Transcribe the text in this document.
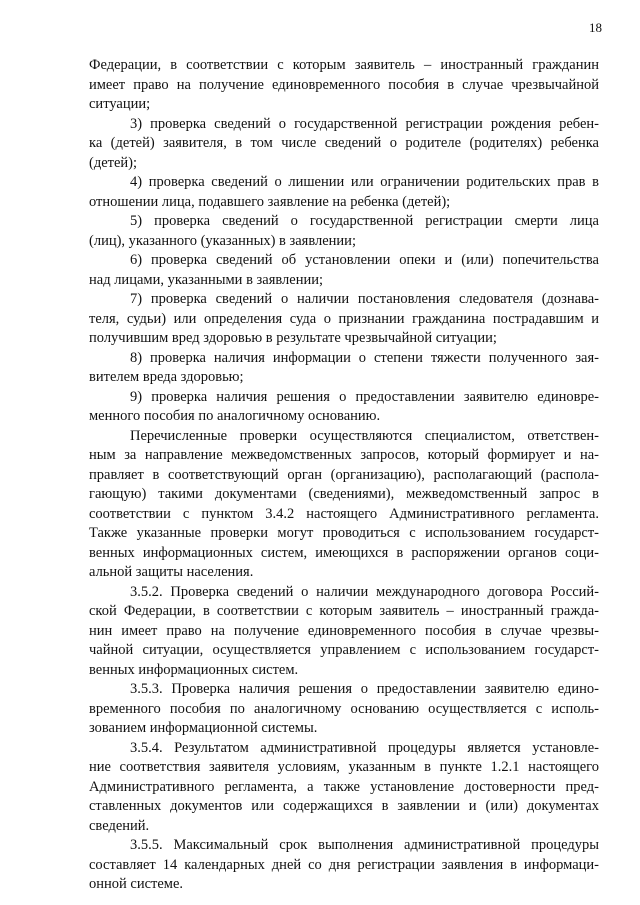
18

Федерации, в соответствии с которым заявитель – иностранный гражданин
имеет право на получение единовременного пособия в случае чрезвычайной
ситуации;

3) проверка сведений о государственной регистрации рождения ребен-
ка (детей) заявителя, в том числе сведений о родителе (родителях) ребенка
(детей);

4) проверка сведений о лишении или ограничении родительских прав в
отношении лица, подавшего заявление на ребенка (детей);

5) проверка сведений о государственной регистрации смерти лица
(лиц), указанного (указанных) в заявлении;

6) проверка сведений об установлении опеки и (или) попечительства
над лицами, указанными в заявлении;

7) проверка сведений о наличии постановления следователя (дознава-
теля, судьи) или определения суда о признании гражданина пострадавшим и
получившим вред здоровью в результате чрезвычайной ситуации;

8) проверка наличия информации о степени тяжести полученного зая-
вителем вреда здоровью;

9) проверка наличия решения о предоставлении заявителю единовре-
менного пособия по аналогичному основанию.

Перечисленные проверки осуществляются специалистом, ответствен-
ным за направление межведомственных запросов, который формирует и на-
правляет в соответствующий орган (организацию), располагающий (распола-
гающую) такими документами (сведениями), межведомственный запрос в
соответствии с пунктом 3.4.2 настоящего Административного регламента.
Также указанные проверки могут проводиться с использованием государст-
венных информационных систем, имеющихся в распоряжении органов соци-
альной защиты населения.

3.5.2. Проверка сведений о наличии международного договора Россий-
ской Федерации, в соответствии с которым заявитель – иностранный гражда-
нин имеет право на получение единовременного пособия в случае чрезвы-
чайной ситуации, осуществляется управлением с использованием государст-
венных информационных систем.

3.5.3. Проверка наличия решения о предоставлении заявителю едино-
временного пособия по аналогичному основанию осуществляется с исполь-
зованием информационной системы.

3.5.4. Результатом административной процедуры является установле-
ние соответствия заявителя условиям, указанным в пункте 1.2.1 настоящего
Административного регламента, а также установление достоверности пред-
ставленных документов или содержащихся в заявлении и (или) документах
сведений.

3.5.5. Максимальный срок выполнения административной процедуры
составляет 14 календарных дней со дня регистрации заявления в информаци-
онной системе.
